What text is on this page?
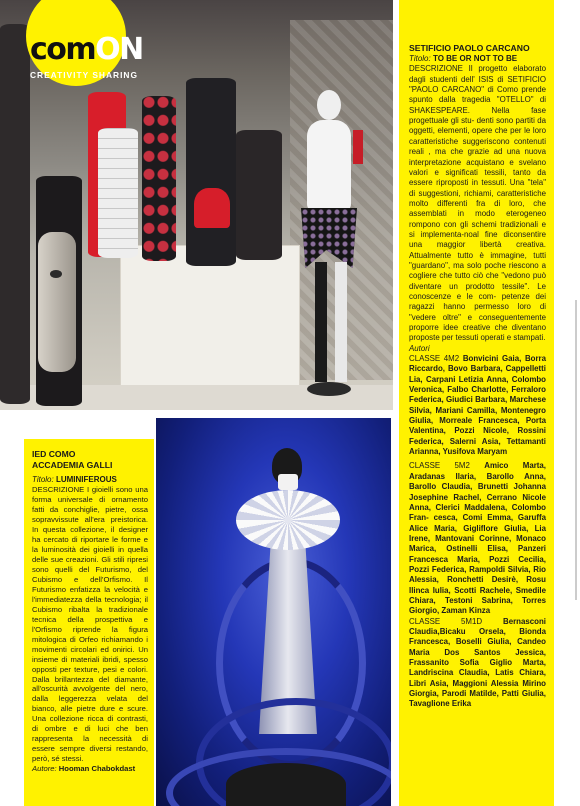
comON
CREATIVITY SHARING
SETIFICIO PAOLO CARCANO
Titolo: TO BE OR NOT TO BE
DESCRIZIONE Il progetto elaborato dagli studenti dell' ISIS di SETIFICIO "PAOLO CARCANO" di Como prende spunto dalla tragedia "OTELLO" di SHAKESPEARE. Nella fase progettuale gli stu- denti sono partiti da oggetti, elementi, opere che per le loro caratteristiche suggeriscono contenuti reali , ma che grazie ad una nuova interpretazione acquistano e svelano valori e significati tessili, tanto da essere riproposti in tessuti. Una "tela" di suggestioni, richiami, caratteristiche molto differenti fra di loro, che assemblati in modo eterogeneo rompono con gli schemi tradizionali e si implementa-noal fine diconsentire una maggior libertà creativa. Attualmente tutto è immagine, tutti "guardano", ma solo poche riescono a cogliere che tutto ciò che "vedono può diventare un prodotto tessile". Le conoscenze e le com- petenze dei ragazzi hanno permesso loro di "vedere oltre" e conseguentemente proporre idee creative che diventano proposte per tessuti operati e stampati.
Autori
CLASSE 4M2 Bonvicini Gaia, Borra Riccardo, Bovo Barbara, Cappelletti Lia, Carpani Letizia Anna, Colombo Veronica, Falbo Charlotte, Ferraloro Federica, Giudici Barbara, Marchese Silvia, Mariani Camilla, Montenegro Giulia, Morreale Francesca, Porta Valentina, Pozzi Nicole, Rossini Federica, Salerni Asia, Tettamanti Arianna, Yusifova Maryam
CLASSE 5M2 Amico Marta, Aradanas Ilaria, Barollo Anna, Barollo Claudia, Brunetti Johanna Josephine Rachel, Cerrano Nicole Anna, Clerici Maddalena, Colombo Fran- cesca, Comi Emma, Garuffa Alice Maria, Gigliflore Giulia, Lia Irene, Mantovani Corinne, Monaco Marica, Ostinelli Elisa, Panzeri Francesca Maria, Pozzi Cecilia, Pozzi Federica, Rampoldi Silvia, Rio Alessia, Ronchetti Desirè, Rosu Ilinca Iulia, Scotti Rachele, Smedile Chiara, Testoni Sabrina, Torres Giorgio, Zaman Kinza
CLASSE 5M1D	Bernasconi Claudia,Bicaku Orsela, Bionda Francesca, Boselli Giulia, Candeo Maria Dos Santos Jessica, Frassanito Sofia Giglio Marta, Landriscina Claudia, Latis Chiara, Libri Asia, Maggioni Alessia Mirino Giorgia, Parodi Matilde, Patti Giulia, Tavaglione Erika
IED COMO
ACCADEMIA GALLI
Titolo: LUMINIFEROUS
DESCRIZIONE I gioielli sono una forma universale di ornamento fatti da conchiglie, pietre, ossa sopravvissute all'era preistorica. In questa collezione, il designer ha cercato di riportare le forme e la luminosità dei gioielli in quella delle sue creazioni. Gli stili ripresi sono quelli del Futurismo, del Cubismo e dell'Orfismo. Il Futurismo enfatizza la velocità e l'immediatezza della tecnologia; il Cubismo ribalta la tradizionale tecnica della prospettiva e l'Orfismo riprende la figura mitologica di Orfeo richiamando i movimenti circolari ed onirici. Un insieme di materiali ibridi, spesso opposti per texture, pesi e colori. Dalla brillantezza del diamante, all'oscurità avvolgente del nero, dalla leggerezza velata del bianco, alle pietre dure e scure. Una collezione ricca di contrasti, di ombre e di luci che ben rappresenta la necessità di essere sempre diversi restando, però, sé stessi.
Autore: Hooman Chabokdast
